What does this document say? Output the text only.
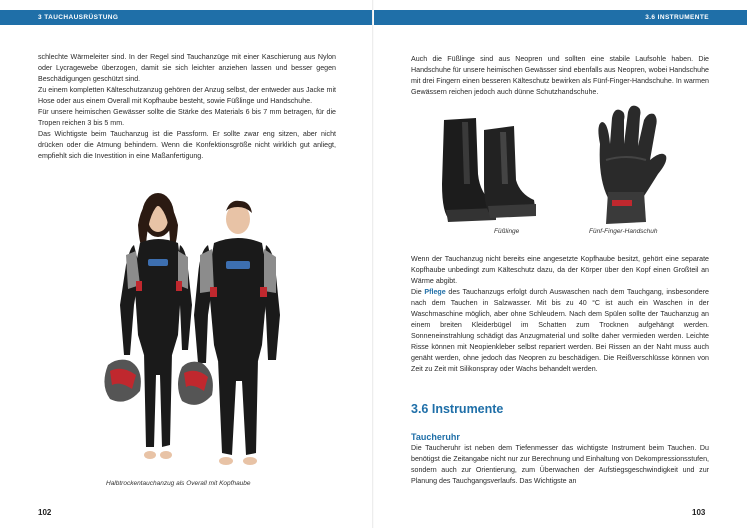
3 TAUCHAUSRÜSTUNG

schlechte Wärmeleiter sind. In der Regel sind Tauchanzüge mit einer Kaschierung aus Nylon oder Lycragewebe überzogen, damit sie sich leichter anziehen lassen und besser gegen Beschädigungen geschützt sind.

Zu einem kompletten Kälteschutzanzug gehören der Anzug selbst, der entweder aus Jacke mit Hose oder aus einem Overall mit Kopfhaube besteht, sowie Füßlinge und Handschuhe.

Für unsere heimischen Gewässer sollte die Stärke des Materials 6 bis 7 mm betragen, für die Tropen reichen 3 bis 5 mm.

Das Wichtigste beim Tauchanzug ist die Passform. Er sollte zwar eng sitzen, aber nicht drücken oder die Atmung behindern. Wenn die Konfektionsgröße nicht wirklich gut anliegt, empfiehlt sich die Investition in eine Maßanfertigung.

Halbtrockentauchanzug als Overall mit Kopfhaube
102
3.6 INSTRUMENTE
Auch die Füßlinge sind aus Neopren und sollten eine stabile Laufsohle haben. Die Handschuhe für unsere heimischen Gewässer sind ebenfalls aus Neopren, wobei Handschuhe mit drei Fingern einen besseren Kälteschutz bewirken als Fünf-Finger-Handschuhe. In warmen Gewässern reichen jedoch auch dünne Schutzhandschuhe.
Füßlinge	Fünf-Finger-Handschuh

Wenn der Tauchanzug nicht bereits eine angesetzte Kopfhaube besitzt, gehört eine separate Kopfhaube unbedingt zum Kälteschutz dazu, da der Körper über den Kopf einen Großteil an Wärme abgibt.

Die Pflege des Tauchanzugs erfolgt durch Auswaschen nach dem Tauchgang, insbesondere nach dem Tauchen in Salzwasser. Mit bis zu 40 °C ist auch ein Waschen in der Waschmaschine möglich, aber ohne Schleudern. Nach dem Spülen sollte der Tauchanzug an einem breiten Kleiderbügel im Schatten zum Trocknen aufgehängt werden. Sonneneinstrahlung schädigt das Anzugmaterial und sollte daher vermieden werden. Leichte Risse können mit Neopienkleber selbst repariert werden. Bei Rissen an der Naht muss auch genäht werden, ohne jedoch das Neopren zu beschädigen. Die Reißverschlüsse können von Zeit zu Zeit mit Silikonspray oder Wachs behandelt werden.

3.6 Instrumente
Taucheruhr
Die Taucheruhr ist neben dem Tiefenmesser das wichtigste Instrument beim Tauchen. Du benötigst die Zeitangabe nicht nur zur Berechnung und Einhaltung von Dekompressionsstufen, sondern auch zur Orientierung, zum Überwachen der Aufstiegsgeschwindigkeit und zur Planung des Tauchgangsverlaufs. Das Wichtigste an
103
